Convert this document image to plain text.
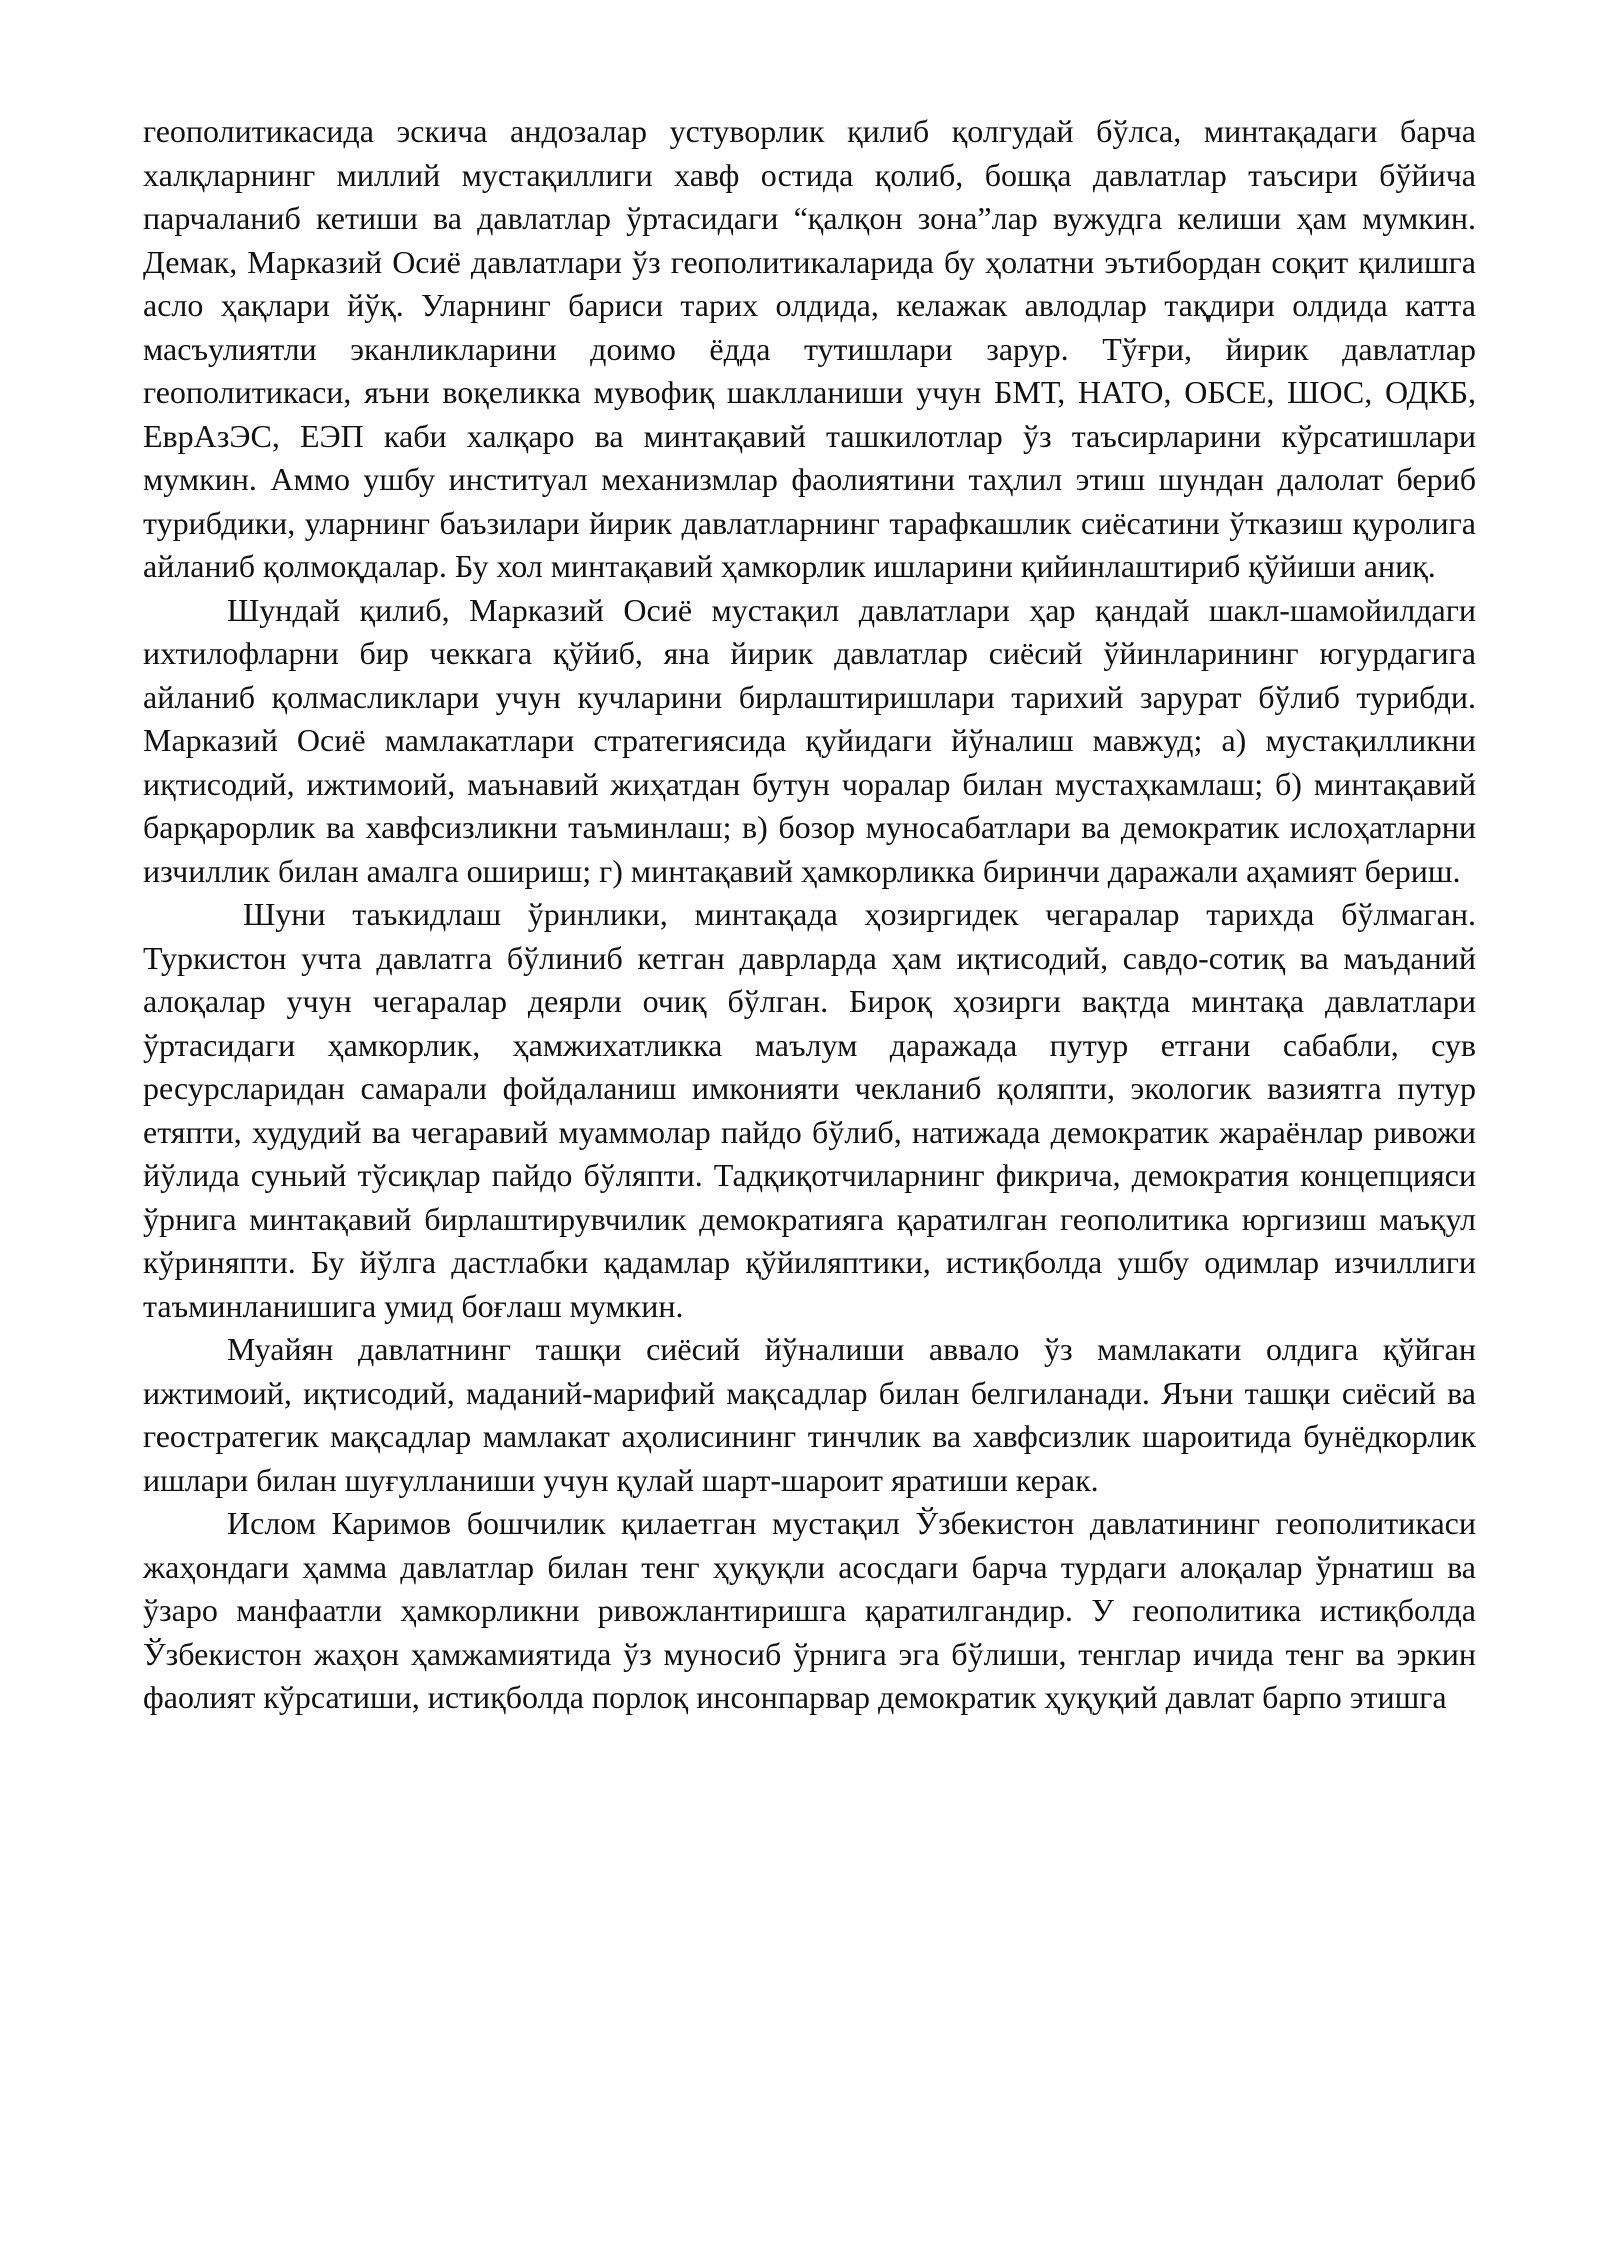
геополитикасида эскича андозалар устуворлик қилиб қолгудай бўлса, минтақадаги барча халқларнинг миллий мустақиллиги хавф остида қолиб, бошқа давлатлар таъсири бўйича парчаланиб кетиши ва давлатлар ўртасидаги “қалқон зона”лар вужудга келиши ҳам мумкин. Демак, Марказий Осиё давлатлари ўз геополитикаларида бу ҳолатни эътибордан соқит қилишга асло ҳақлари йўқ. Уларнинг бариси тарих олдида, келажак авлодлар тақдири олдида катта масъулиятли эканликларини доимо ёдда тутишлари зарур. Тўғри, йирик давлатлар геополитикаси, яъни воқеликка мувофиқ шаклланиши учун БМТ, НАТО, ОБСЕ, ШОС, ОДКБ, ЕврАзЭС, ЕЭП каби халқаро ва минтақавий ташкилотлар ўз таъсирларини кўрсатишлари мумкин. Аммо ушбу институал механизмлар фаолиятини таҳлил этиш шундан далолат бериб турибдики, уларнинг баъзилари йирик давлатларнинг тарафкашлик сиёсатини ўтказиш қуролига айланиб қолмоқдалар. Бу хол минтақавий ҳамкорлик ишларини қийинлаштириб қўйиши аниқ.

Шундай қилиб, Марказий Осиё мустақил давлатлари ҳар қандай шакл-шамойилдаги ихтилофларни бир чеккага қўйиб, яна йирик давлатлар сиёсий ўйинларининг югурдагига айланиб қолмасликлари учун кучларини бирлаштиришлари тарихий зарурат бўлиб турибди. Марказий Осиё мамлакатлари стратегиясида қуйидаги йўналиш мавжуд; а) мустақилликни иқтисодий, ижтимоий, маънавий жиҳатдан бутун чоралар билан мустаҳкамлаш; б) минтақавий барқарорлик ва хавфсизликни таъминлаш; в) бозор муносабатлари ва демократик ислоҳатларни изчиллик билан амалга ошириш; г) минтақавий ҳамкорликка биринчи даражали аҳамият бериш.

Шуни таъкидлаш ўринлики, минтақада ҳозиргидек чегаралар тарихда бўлмаган. Туркистон учта давлатга бўлиниб кетган даврларда ҳам иқтисодий, савдо-сотиқ ва маъданий алоқалар учун чегаралар деярли очиқ бўлган. Бироқ ҳозирги вақтда минтақа давлатлари ўртасидаги ҳамкорлик, ҳамжихатликка маълум даражада путур етгани сабабли, сув ресурсларидан самарали фойдаланиш имконияти чекланиб қоляпти, экологик вазиятга путур етяпти, худудий ва чегаравий муаммолар пайдо бўлиб, натижада демократик жараёнлар ривожи йўлида суньий тўсиқлар пайдо бўляпти. Тадқиқотчиларнинг фикрича, демократия концепцияси ўрнига минтақавий бирлаштирувчилик демократияга қаратилган геополитика юргизиш маъқул кўриняпти. Бу йўлга дастлабки қадамлар қўйиляптики, истиқболда ушбу одимлар изчиллиги таъминланишига умид боғлаш мумкин.

Муайян давлатнинг ташқи сиёсий йўналиши аввало ўз мамлакати олдига қўйган ижтимоий, иқтисодий, маданий-марифий мақсадлар билан белгиланади. Яъни ташқи сиёсий ва геостратегик мақсадлар мамлакат аҳолисининг тинчлик ва хавфсизлик шароитида бунёдкорлик ишлари билан шуғулланиши учун қулай шарт-шароит яратиши керак.

Ислом Каримов бошчилик қилаетган мустақил Ўзбекистон давлатининг геополитикаси жаҳондаги ҳамма давлатлар билан тенг ҳуқуқли асосдаги барча турдаги алоқалар ўрнатиш ва ўзаро манфаатли ҳамкорликни ривожлантиришга қаратилгандир. У геополитика истиқболда Ўзбекистон жаҳон ҳамжамиятида ўз муносиб ўрнига эга бўлиши, тенглар ичида тенг ва эркин фаолият кўрсатиши, истиқболда порлоқ инсонпарвар демократик ҳуқуқий давлат барпо этишга
